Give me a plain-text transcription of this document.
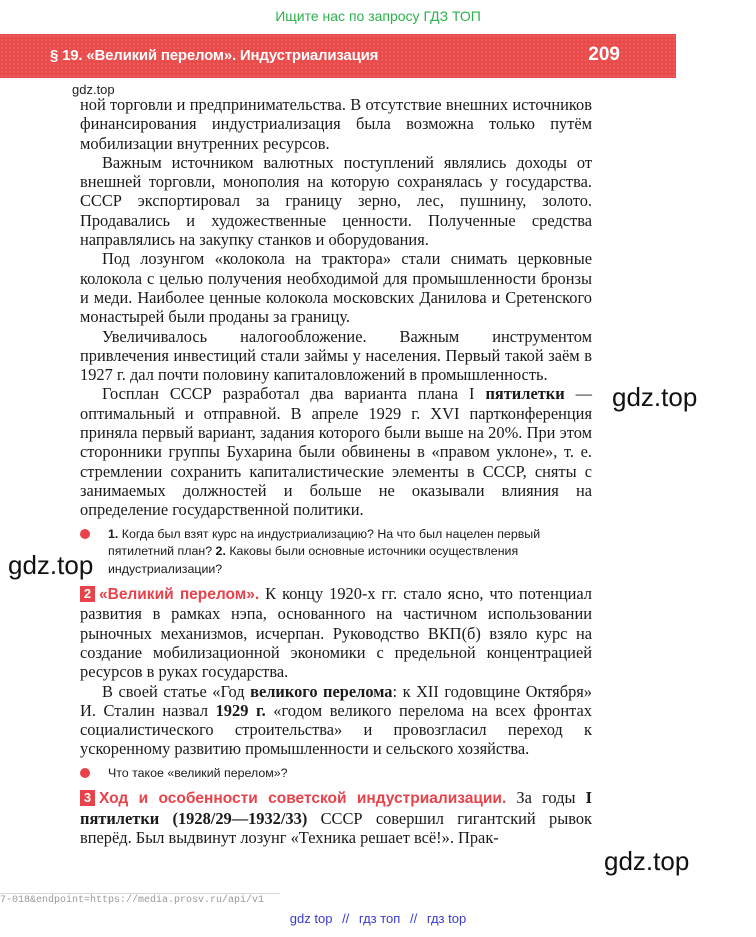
Ищите нас по запросу ГДЗ ТОП
§ 19. «Великий перелом». Индустриализация	209
gdz.top
gdz.top
gdz.top
gdz.top

ной торговли и предпринимательства. В отсутствие внешних источников финансирования индустриализация была возможна только путём мобилизации внутренних ресурсов.

Важным источником валютных поступлений являлись доходы от внешней торговли, монополия на которую сохранялась у государства. СССР экспортировал за границу зерно, лес, пушнину, золото. Продавались и художественные ценности. Полученные средства направлялись на закупку станков и оборудования.

Под лозунгом «колокола на трактора» стали снимать церковные колокола с целью получения необходимой для промышленности бронзы и меди. Наиболее ценные колокола московских Данилова и Сретенского монастырей были проданы за границу.

Увеличивалось налогообложение. Важным инструментом привлечения инвестиций стали займы у населения. Первый такой заём в 1927 г. дал почти половину капиталовложений в промышленность.

Госплан СССР разработал два варианта плана I пятилетки — оптимальный и отправной. В апреле 1929 г. XVI партконференция приняла первый вариант, задания которого были выше на 20%. При этом сторонники группы Бухарина были обвинены в «правом уклоне», т. е. стремлении сохранить капиталистические элементы в СССР, сняты с занимаемых должностей и больше не оказывали влияния на определение государственной политики.

1. Когда был взят курс на индустриализацию? На что был нацелен первый пятилетний план? 2. Каковы были основные источники осуществления индустриализации?

2 «Великий перелом». К концу 1920-х гг. стало ясно, что потенциал развития в рамках нэпа, основанного на частичном использовании рыночных механизмов, исчерпан. Руководство ВКП(б) взяло курс на создание мобилизационной экономики с предельной концентрацией ресурсов в руках государства.

В своей статье «Год великого перелома: к XII годовщине Октября» И. Сталин назвал 1929 г. «годом великого перелома на всех фронтах социалистического строительства» и провозгласил переход к ускоренному развитию промышленности и сельского хозяйства.

Что такое «великий перелом»?

3 Ход и особенности советской индустриализации. За годы I пятилетки (1928/29—1932/33) СССР совершил гигантский рывок вперёд. Был выдвинут лозунг «Техника решает всё!». Прак-

7-018&endpoint=https://media.prosv.ru/api/v1
gdz top // гдз топ // гдз top
